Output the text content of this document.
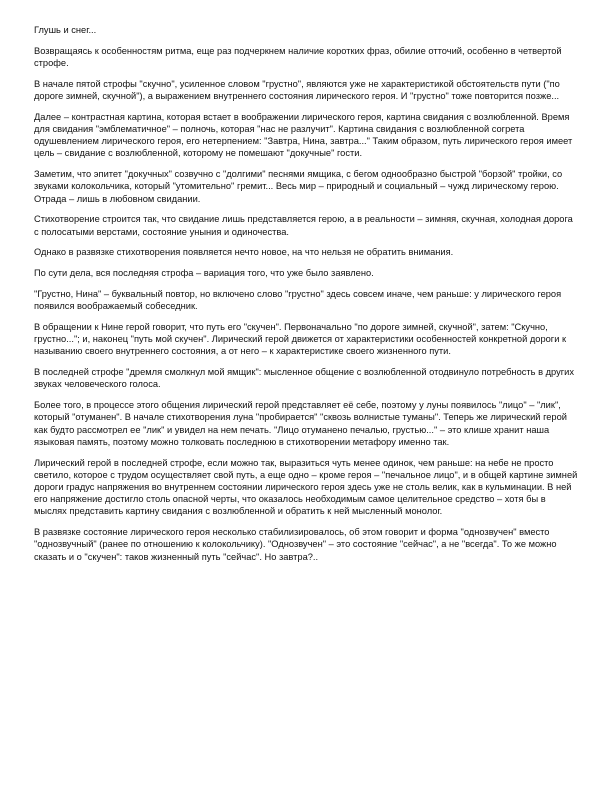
Глушь и снег...

Возвращаясь к особенностям ритма, еще раз подчеркнем наличие коротких фраз, обилие отточий, особенно в четвертой строфе.

В начале пятой строфы "скучно", усиленное словом "грустно", являются уже не характеристикой обстоятельств пути ("по дороге зимней, скучной"), а выражением внутреннего состояния лирического героя. И "грустно" тоже повторится позже...

Далее – контрастная картина, которая встает в воображении лирического героя, картина свидания с возлюбленной. Время для свидания "эмблематичное" – полночь, которая "нас не разлучит". Картина свидания с возлюбленной согрета одушевлением лирического героя, его нетерпением: "Завтра, Нина, завтра..." Таким образом, путь лирического героя имеет цель – свидание с возлюбленной, которому не помешают "докучные" гости.

Заметим, что эпитет "докучных" созвучно с "долгими" песнями ямщика, с бегом однообразно быстрой "борзой" тройки, со звуками колокольчика, который "утомительно" гремит... Весь мир – природный и социальный – чужд лирическому герою. Отрада – лишь в любовном свидании.

Стихотворение строится так, что свидание лишь представляется герою, а в реальности – зимняя, скучная, холодная дорога с полосатыми верстами, состояние уныния и одиночества.

Однако в развязке стихотворения появляется нечто новое, на что нельзя не обратить внимания.

По сути дела, вся последняя строфа – вариация того, что уже было заявлено.

"Грустно, Нина" – буквальный повтор, но включено слово "грустно" здесь совсем иначе, чем раньше: у лирического героя появился воображаемый собеседник.

В обращении к Нине герой говорит, что путь его "скучен". Первоначально "по дороге зимней, скучной", затем: "Скучно, грустно..."; и, наконец "путь мой скучен". Лирический герой движется от характеристики особенностей конкретной дороги к называнию своего внутреннего состояния, а от него – к характеристике своего жизненного пути.

В последней строфе "дремля смолкнул мой ямщик": мысленное общение с возлюбленной отодвинуло потребность в других звуках человеческого голоса.

Более того, в процессе этого общения лирический герой представляет её себе, поэтому у луны появилось "лицо" – "лик", который "отуманен". В начале стихотворения луна "пробирается" "сквозь волнистые туманы". Теперь же лирический герой как будто рассмотрел ее "лик" и увидел на нем печать. "Лицо отуманено печалью, грустью..." – это клише хранит наша языковая память, поэтому можно толковать последнюю в стихотворении метафору именно так.

Лирический герой в последней строфе, если можно так, выразиться чуть менее одинок, чем раньше: на небе не просто светило, которое с трудом осуществляет свой путь, а еще одно – кроме героя – "печальное лицо", и в общей картине зимней дороги градус напряжения во внутреннем состоянии лирического героя здесь уже не столь велик, как в кульминации. В ней его напряжение достигло столь опасной черты, что оказалось необходимым самое целительное средство – хотя бы в мыслях представить картину свидания с возлюбленной и обратить к ней мысленный монолог.

В развязке состояние лирического героя несколько стабилизировалось, об этом говорит и форма "однозвучен" вместо "однозвучный" (ранее по отношению к колокольчику). "Однозвучен" – это состояние "сейчас", а не "всегда". То же можно сказать и о "скучен": таков жизненный путь "сейчас". Но завтра?..
